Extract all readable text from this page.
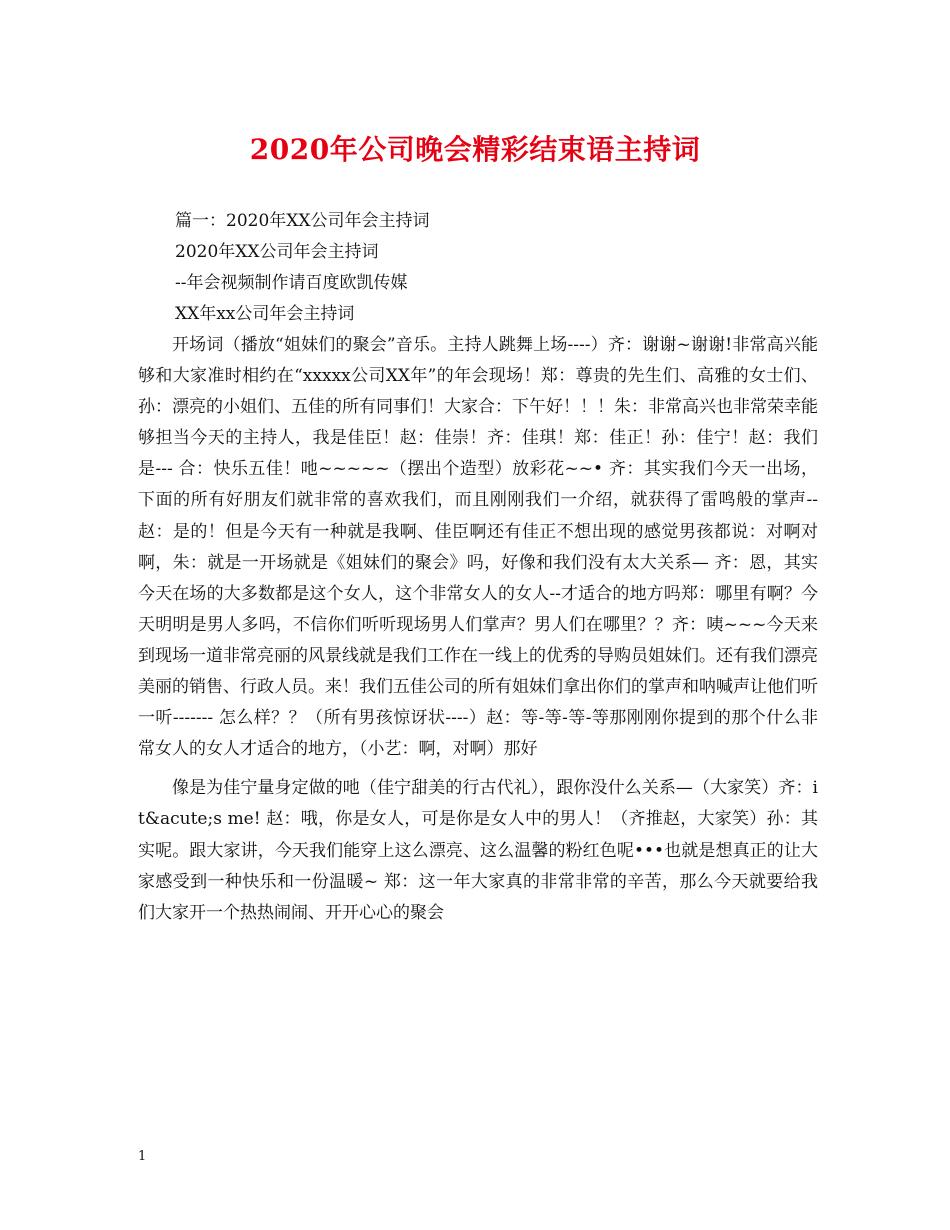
2020年公司晚会精彩结束语主持词
篇一：2020年XX公司年会主持词
2020年XX公司年会主持词
--年会视频制作请百度欧凯传媒
XX年xx公司年会主持词

开场词（播放“姐妹们的聚会”音乐。主持人跳舞上场----）齐：谢谢~谢谢!非常高兴能够和大家准时相约在“xxxxx公司XX年”的年会现场！郑：尊贵的先生们、高雅的女士们、孙：漂亮的小姐们、五佳的所有同事们！大家合：下午好！！！朱：非常高兴也非常荣幸能够担当今天的主持人，我是佳臣！赵：佳崇！齐：佳琪！郑：佳正！孙：佳宁！赵：我们是--- 合：快乐五佳！吔~~~~~（摆出个造型）放彩花~~• 齐：其实我们今天一出场，下面的所有好朋友们就非常的喜欢我们，而且刚刚我们一介绍，就获得了雷鸣般的掌声-- 赵：是的！但是今天有一种就是我啊、佳臣啊还有佳正不想出现的感觉男孩都说：对啊对啊，朱：就是一开场就是《姐妹们的聚会》吗，好像和我们没有太大关系— 齐：恩，其实今天在场的大多数都是这个女人，这个非常女人的女人--才适合的地方吗郑：哪里有啊？今天明明是男人多吗，不信你们听听现场男人们掌声？男人们在哪里？？齐：咦~~~今天来到现场一道非常亮丽的风景线就是我们工作在一线上的优秀的导购员姐妹们。还有我们漂亮美丽的销售、行政人员。来！我们五佳公司的所有姐妹们拿出你们的掌声和呐喊声让他们听一听------- 怎么样？？（所有男孩惊讶状----）赵：等-等-等-等那刚刚你提到的那个什么非常女人的女人才适合的地方，（小艺：啊，对啊）那好

像是为佳宁量身定做的吔（佳宁甜美的行古代礼），跟你没什么关系—（大家笑）齐：it&acute;s me! 赵：哦，你是女人，可是你是女人中的男人！（齐推赵，大家笑）孙：其实呢。跟大家讲，今天我们能穿上这么漂亮、这么温馨的粉红色呢•••也就是想真正的让大家感受到一种快乐和一份温暖~ 郑：这一年大家真的非常非常的辛苦，那么今天就要给我们大家开一个热热闹闹、开开心心的聚会

1
